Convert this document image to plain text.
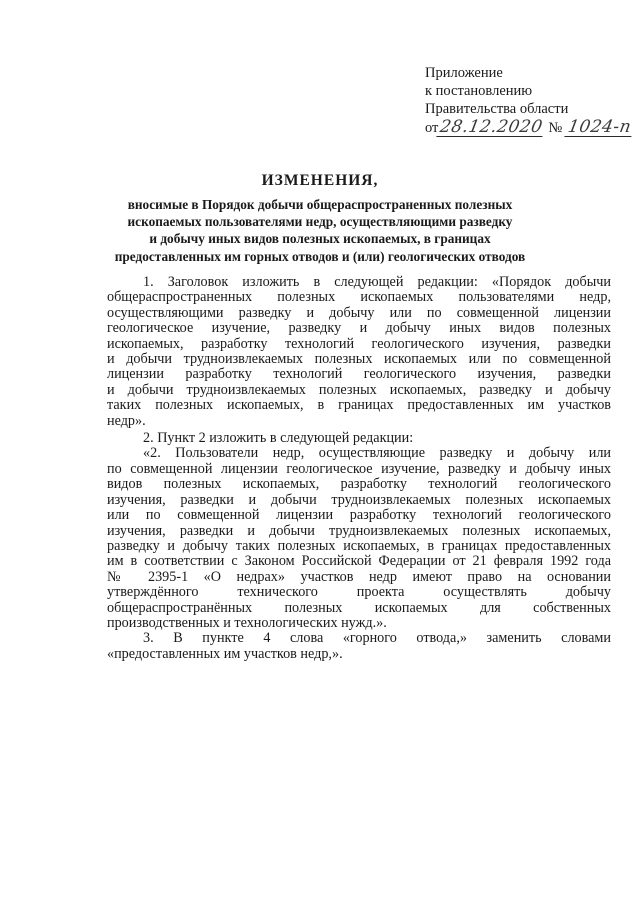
Приложение
к постановлению
Правительства области
от28.12.2020 № 1024-п
ИЗМЕНЕНИЯ,
вносимые в Порядок добычи общераспространенных полезных
ископаемых пользователями недр, осуществляющими разведку
и добычу иных видов полезных ископаемых, в границах
предоставленных им горных отводов и (или) геологических отводов
1. Заголовок изложить в следующей редакции: «Порядок добычи
общераспространенных полезных ископаемых пользователями недр,
осуществляющими разведку и добычу или по совмещенной лицензии
геологическое изучение, разведку и добычу иных видов полезных
ископаемых, разработку технологий геологического изучения, разведки
и добычи трудноизвлекаемых полезных ископаемых или по совмещенной
лицензии разработку технологий геологического изучения, разведки
и добычи трудноизвлекаемых полезных ископаемых, разведку и добычу
таких полезных ископаемых, в границах предоставленных им участков
недр».
2. Пункт 2 изложить в следующей редакции:
«2. Пользователи недр, осуществляющие разведку и добычу или
по совмещенной лицензии геологическое изучение, разведку и добычу иных
видов полезных ископаемых, разработку технологий геологического
изучения, разведки и добычи трудноизвлекаемых полезных ископаемых
или по совмещенной лицензии разработку технологий геологического
изучения, разведки и добычи трудноизвлекаемых полезных ископаемых,
разведку и добычу таких полезных ископаемых, в границах предоставленных
им в соответствии с Законом Российской Федерации от 21 февраля 1992 года
№ 2395-1 «О недрах» участков недр имеют право на основании
утверждённого технического проекта осуществлять добычу
общераспространённых полезных ископаемых для собственных
производственных и технологических нужд.».
3. В пункте 4 слова «горного отвода,» заменить словами
«предоставленных им участков недр,».
